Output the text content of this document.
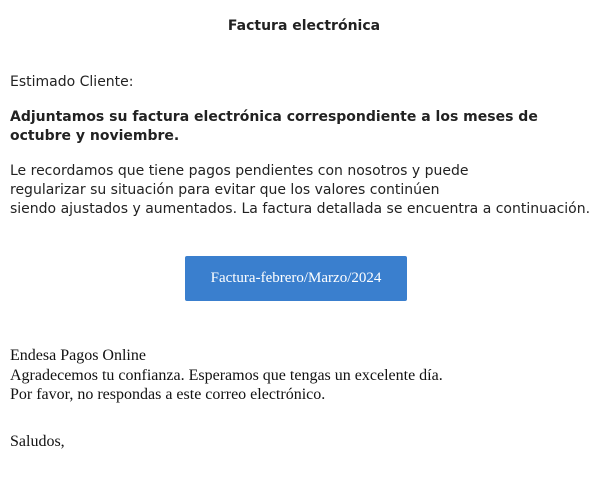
Factura electrónica
Estimado Cliente:
Adjuntamos su factura electrónica correspondiente a los meses de octubre y noviembre.
Le recordamos que tiene pagos pendientes con nosotros y puede
regularizar su situación para evitar que los valores continúen
siendo ajustados y aumentados. La factura detallada se encuentra a continuación.
Factura-febrero/Marzo/2024
Endesa Pagos Online
Agradecemos tu confianza. Esperamos que tengas un excelente día.
Por favor, no respondas a este correo electrónico.
Saludos,
